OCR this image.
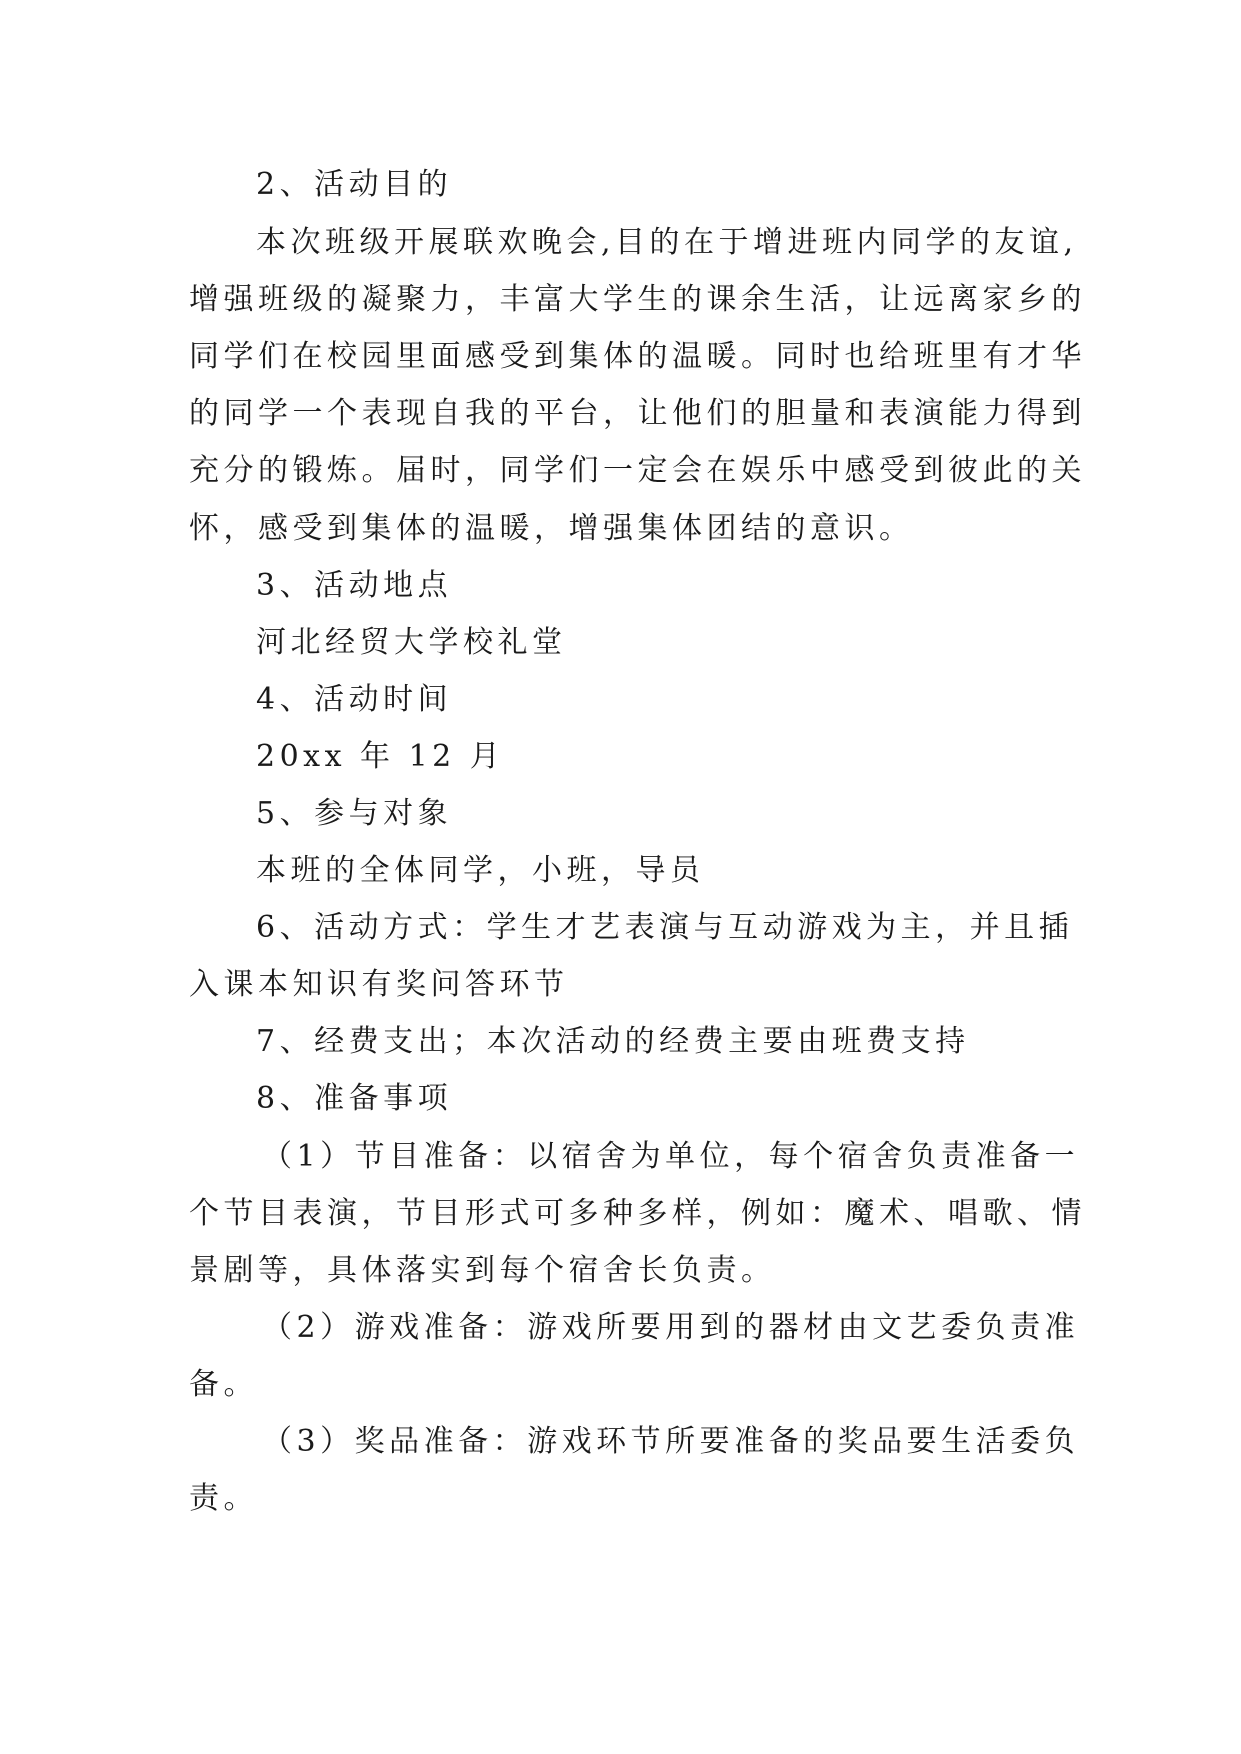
2、活动目的
本次班级开展联欢晚会,目的在于增进班内同学的友谊,
增强班级的凝聚力，丰富大学生的课余生活，让远离家乡的
同学们在校园里面感受到集体的温暖。同时也给班里有才华
的同学一个表现自我的平台，让他们的胆量和表演能力得到
充分的锻炼。届时，同学们一定会在娱乐中感受到彼此的关
怀，感受到集体的温暖，增强集体团结的意识。
3、活动地点
河北经贸大学校礼堂
4、活动时间
20xx 年 12 月
5、参与对象
本班的全体同学，小班，导员
6、活动方式：学生才艺表演与互动游戏为主，并且插
入课本知识有奖问答环节
7、经费支出；本次活动的经费主要由班费支持
8、准备事项
（1）节目准备：以宿舍为单位，每个宿舍负责准备一
个节目表演，节目形式可多种多样，例如：魔术、唱歌、情
景剧等，具体落实到每个宿舍长负责。
（2）游戏准备：游戏所要用到的器材由文艺委负责准
备。
（3）奖品准备：游戏环节所要准备的奖品要生活委负
责。
